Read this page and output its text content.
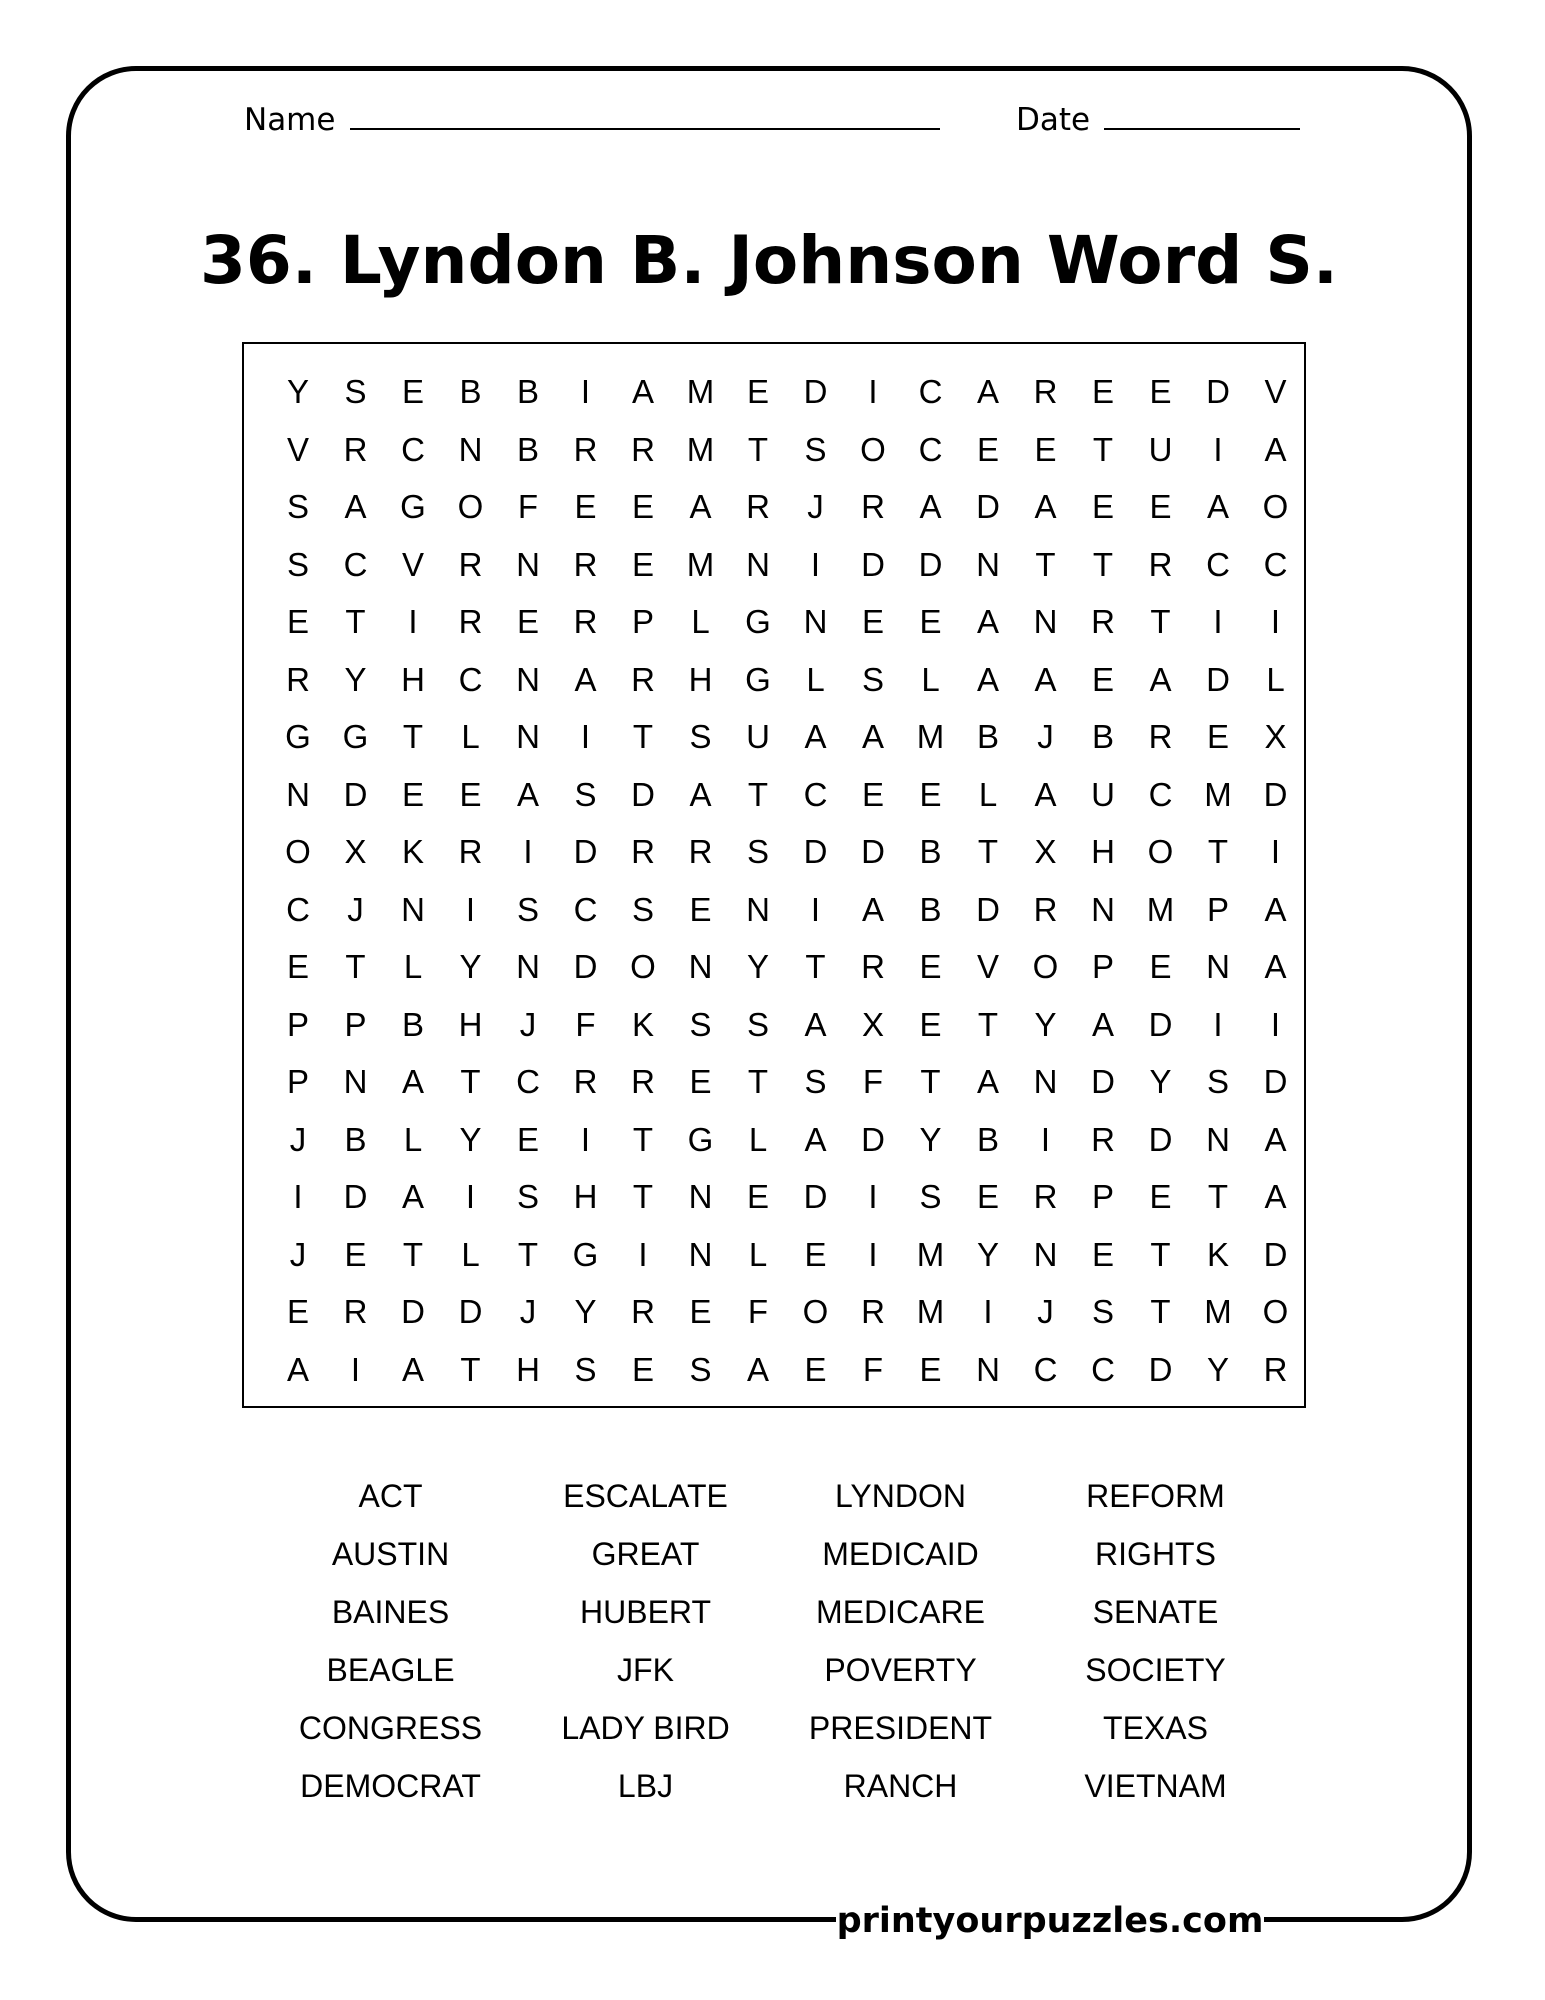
printyourpuzzles.com
Name	Date
36. Lyndon B. Johnson Word S.
Y	S	E	B	B	I	A M E	D	I	C	A	R	E	E	D	V
V	R	C	N	B	R	R M	T	S	O C	E	E	T	U	I	A
S	A	G O	F	E	E	A	R	J	R	A	D	A	E	E	A	O
S	C	V	R	N	R	E M N	I	D	D	N	T	T	R	C	C
E	T	I	R	E	R	P	L	G N	E	E	A	N	R	T	I	I
R	Y	H	C	N	A	R	H G	L	S	L	A	A	E	A	D	L
G G	T	L	N	I	T	S	U	A	A M B	J	B	R	E	X
N	D	E	E	A	S	D	A	T	C	E	E	L	A	U	C M D
O	X	K	R	I	D	R	R	S	D	D	B	T	X	H O	T	I
C	J	N	I	S	C	S	E	N	I	A	B	D	R	N M P	A
E	T	L	Y	N	D O N	Y	T	R	E	V	O	P	E	N	A
P	P	B	H	J	F	K	S	S	A	X	E	T	Y	A	D	I	I
P	N	A	T	C	R	R	E	T	S	F	T	A	N	D	Y	S	D
J	B	L	Y	E	I	T	G	L	A	D	Y	B	I	R	D	N	A
I	D	A	I	S	H	T	N	E	D	I	S	E	R	P	E	T	A
J	E	T	L	T	G	I	N	L	E	I	M Y	N	E	T	K	D
E	R	D	D	J	Y	R	E	F	O R M	I	J	S	T	M O
A	I	A	T	H	S	E	S	A	E	F	E	N	C	C	D	Y	R
ACT	ESCALATE	LYNDON	REFORM
AUSTIN	GREAT	MEDICAID	RIGHTS
BAINES	HUBERT	MEDICARE	SENATE
BEAGLE	JFK	POVERTY	SOCIETY
CONGRESS	LADY BIRD	PRESIDENT	TEXAS
DEMOCRAT	LBJ	RANCH	VIETNAM
